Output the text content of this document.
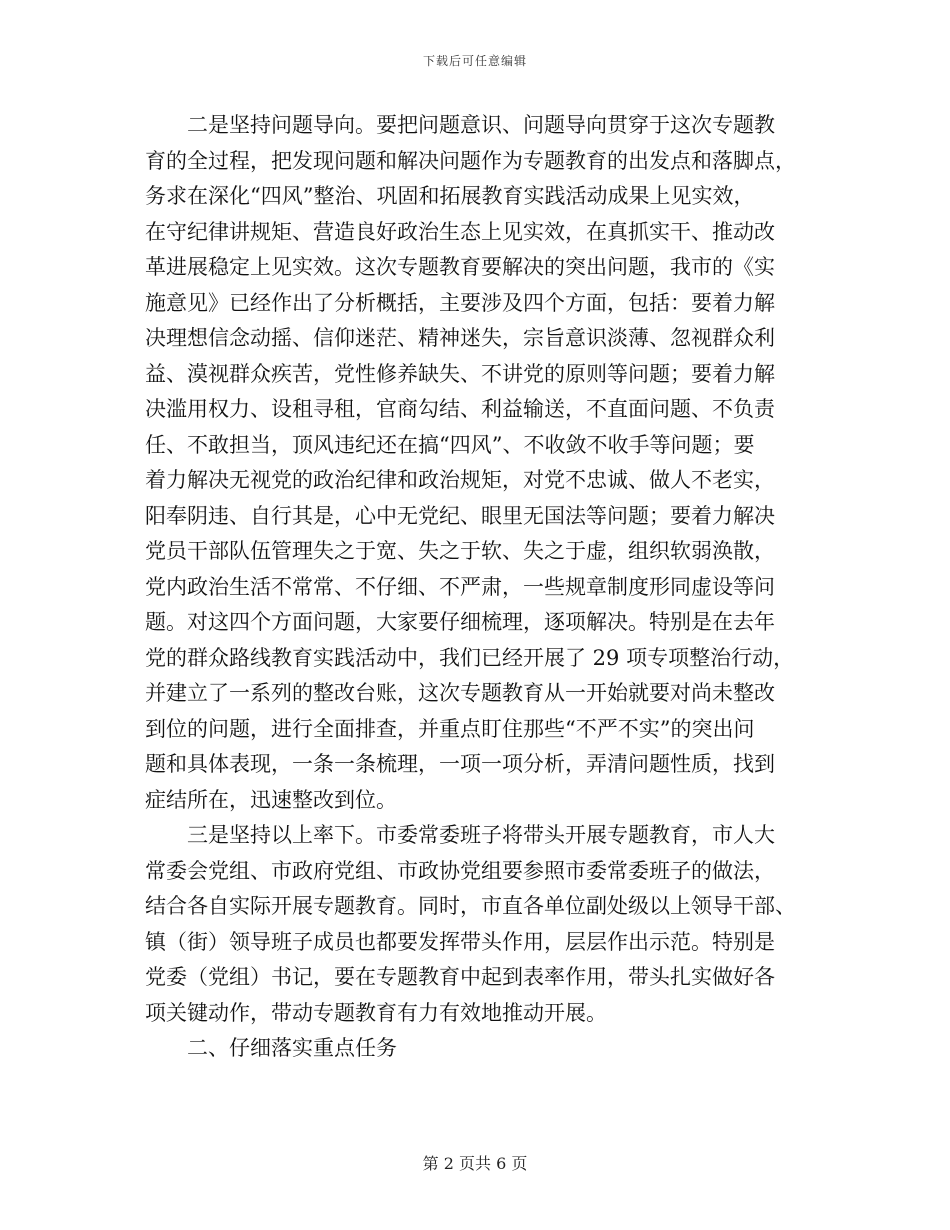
下载后可任意编辑
　　二是坚持问题导向。要把问题意识、问题导向贯穿于这次专题教
育的全过程，把发现问题和解决问题作为专题教育的出发点和落脚点，
务求在深化“四风”整治、巩固和拓展教育实践活动成果上见实效，
在守纪律讲规矩、营造良好政治生态上见实效，在真抓实干、推动改
革进展稳定上见实效。这次专题教育要解决的突出问题，我市的《实
施意见》已经作出了分析概括，主要涉及四个方面，包括：要着力解
决理想信念动摇、信仰迷茫、精神迷失，宗旨意识淡薄、忽视群众利
益、漠视群众疾苦，党性修养缺失、不讲党的原则等问题；要着力解
决滥用权力、设租寻租，官商勾结、利益输送，不直面问题、不负责
任、不敢担当，顶风违纪还在搞“四风”、不收敛不收手等问题；要
着力解决无视党的政治纪律和政治规矩，对党不忠诚、做人不老实，
阳奉阴违、自行其是，心中无党纪、眼里无国法等问题；要着力解决
党员干部队伍管理失之于宽、失之于软、失之于虚，组织软弱涣散，
党内政治生活不常常、不仔细、不严肃，一些规章制度形同虚设等问
题。对这四个方面问题，大家要仔细梳理，逐项解决。特别是在去年
党的群众路线教育实践活动中，我们已经开展了 29 项专项整治行动，
并建立了一系列的整改台账，这次专题教育从一开始就要对尚未整改
到位的问题，进行全面排查，并重点盯住那些“不严不实”的突出问
题和具体表现，一条一条梳理，一项一项分析，弄清问题性质，找到
症结所在，迅速整改到位。
　　三是坚持以上率下。市委常委班子将带头开展专题教育，市人大
常委会党组、市政府党组、市政协党组要参照市委常委班子的做法，
结合各自实际开展专题教育。同时，市直各单位副处级以上领导干部、
镇（街）领导班子成员也都要发挥带头作用，层层作出示范。特别是
党委（党组）书记，要在专题教育中起到表率作用，带头扎实做好各
项关键动作，带动专题教育有力有效地推动开展。
　　二、仔细落实重点任务
第 2 页共 6 页
